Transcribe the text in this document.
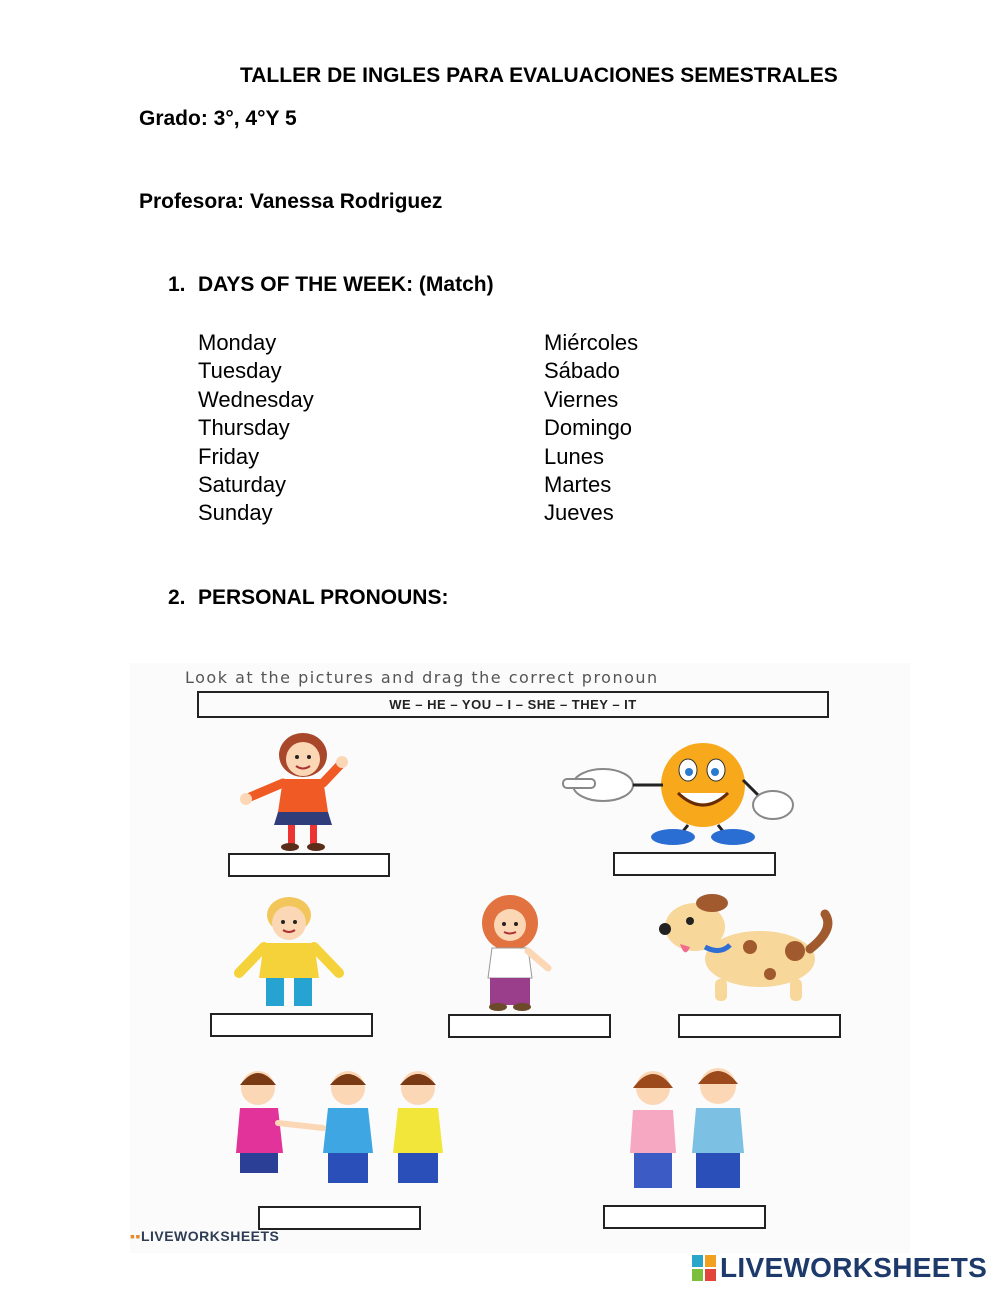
TALLER DE INGLES PARA EVALUACIONES SEMESTRALES
Grado: 3°, 4°Y 5
Profesora: Vanessa Rodriguez
1. DAYS OF THE WEEK: (Match)
Monday
Tuesday
Wednesday
Thursday
Friday
Saturday
Sunday
Miércoles
Sábado
Viernes
Domingo
Lunes
Martes
Jueves
2. PERSONAL PRONOUNS:
Look at the pictures and drag the correct pronoun
WE – HE – YOU – I – SHE – THEY – IT
▪▪LIVEWORKSHEETS
LIVEWORKSHEETS
